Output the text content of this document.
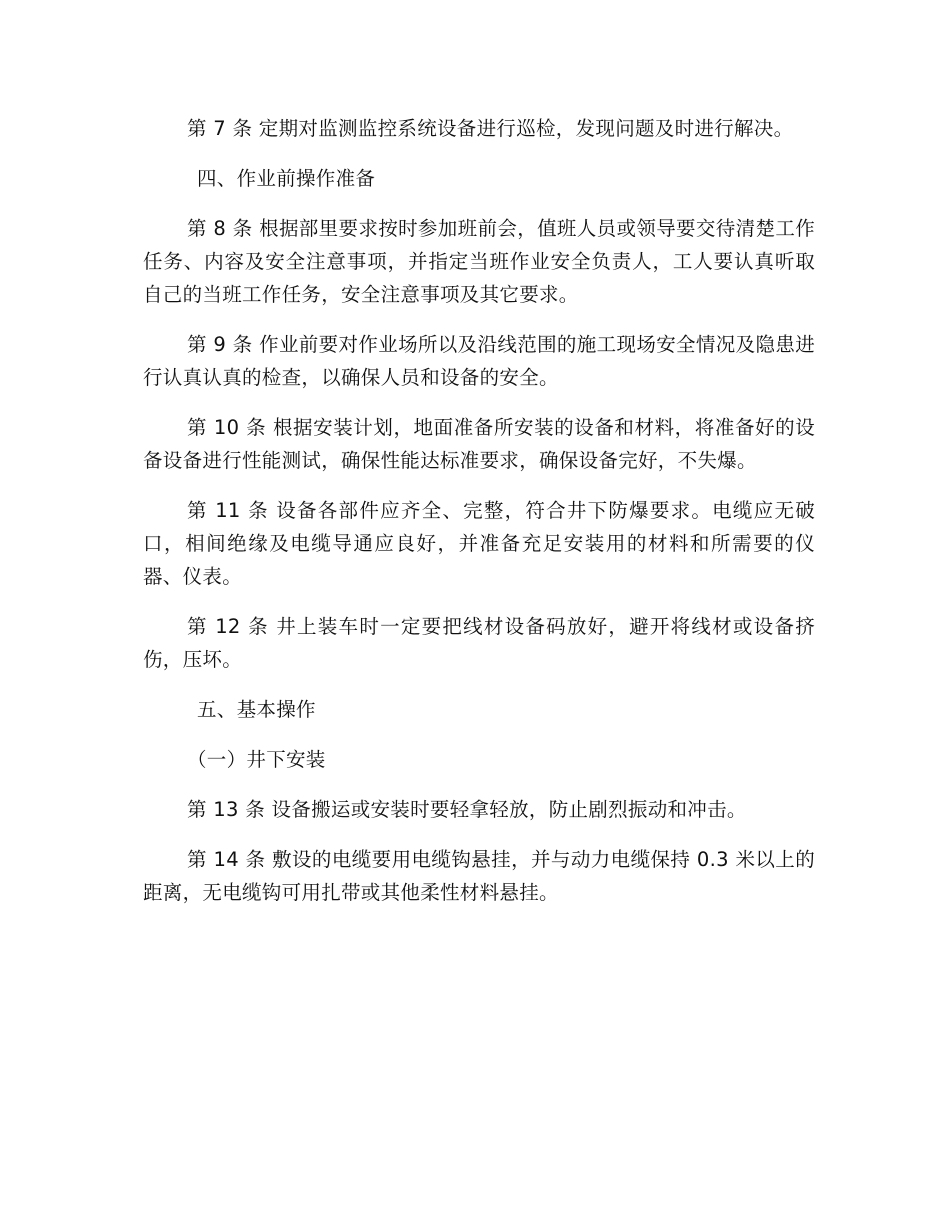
第 7 条 定期对监测监控系统设备进行巡检，发现问题及时进行解决。

四、作业前操作准备

第 8 条 根据部里要求按时参加班前会，值班人员或领导要交待清楚工作任务、内容及安全注意事项，并指定当班作业安全负责人，工人要认真听取自己的当班工作任务，安全注意事项及其它要求。

第 9 条 作业前要对作业场所以及沿线范围的施工现场安全情况及隐患进行认真认真的检查，以确保人员和设备的安全。

第 10 条 根据安装计划，地面准备所安装的设备和材料，将准备好的设备设备进行性能测试，确保性能达标准要求，确保设备完好，不失爆。

第 11 条 设备各部件应齐全、完整，符合井下防爆要求。电缆应无破口，相间绝缘及电缆导通应良好，并准备充足安装用的材料和所需要的仪器、仪表。

第 12 条 井上装车时一定要把线材设备码放好，避开将线材或设备挤伤，压坏。

五、基本操作

（一）井下安装

第 13 条 设备搬运或安装时要轻拿轻放，防止剧烈振动和冲击。

第 14 条 敷设的电缆要用电缆钩悬挂，并与动力电缆保持 0.3 米以上的距离，无电缆钩可用扎带或其他柔性材料悬挂。
